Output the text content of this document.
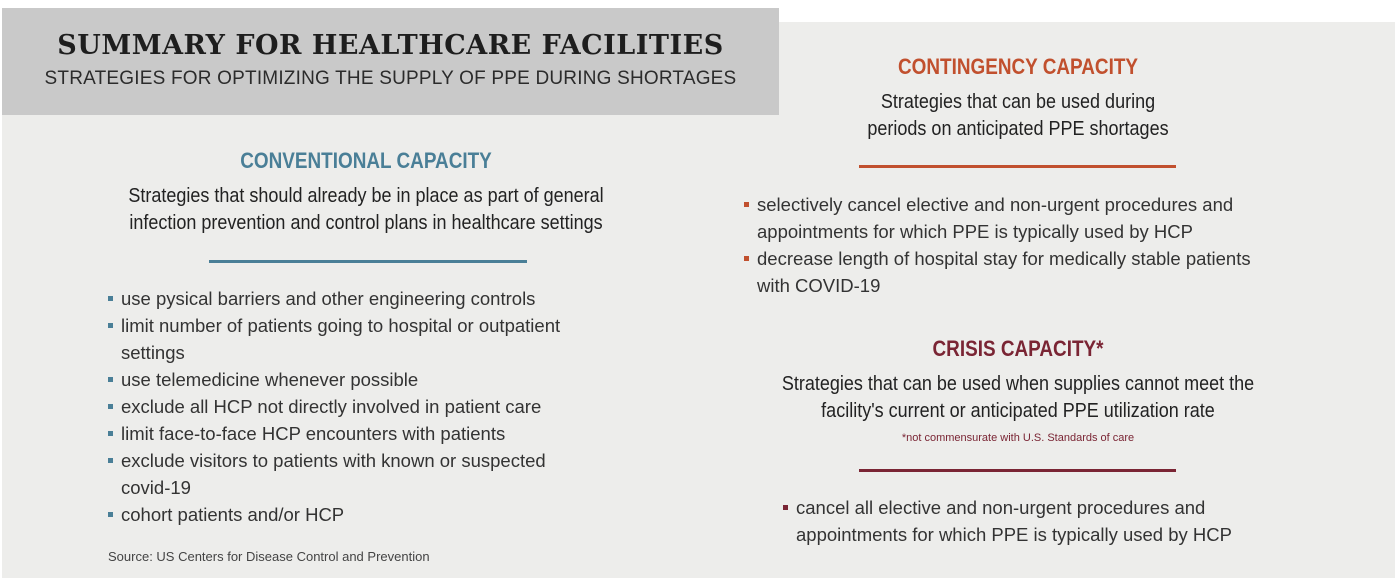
SUMMARY FOR HEALTHCARE FACILITIES
STRATEGIES FOR OPTIMIZING THE SUPPLY OF PPE DURING SHORTAGES
CONVENTIONAL CAPACITY
Strategies that should already be in place as part of general
infection prevention and control plans in healthcare settings
use pysical barriers and other engineering controls
limit number of patients going to hospital or outpatient
settings
use telemedicine whenever possible
exclude all HCP not directly involved in patient care
limit face-to-face HCP encounters with patients
exclude visitors to patients with known or suspected
covid-19
cohort patients and/or HCP
Source: US Centers for Disease Control and Prevention
CONTINGENCY CAPACITY
Strategies that can be used during
periods on anticipated PPE shortages
selectively cancel elective and non-urgent procedures and
appointments for which PPE is typically used by HCP
decrease length of hospital stay for medically stable patients
with COVID-19
CRISIS CAPACITY*
Strategies that can be used when supplies cannot meet the
facility's current or anticipated PPE utilization rate
*not commensurate with U.S. Standards of care
cancel all elective and non-urgent procedures and
appointments for which PPE is typically used by HCP
